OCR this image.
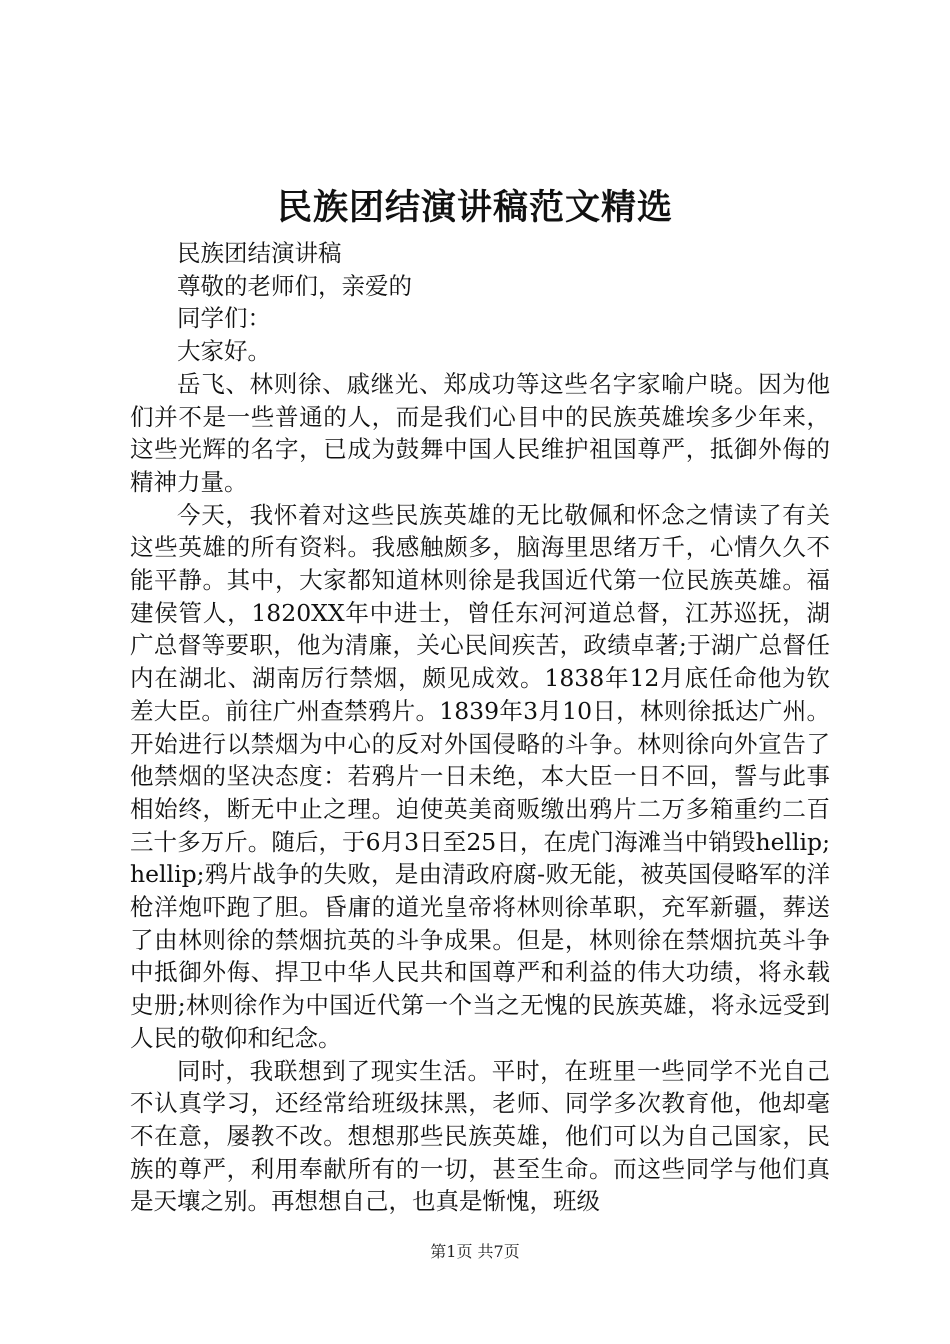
民族团结演讲稿范文精选

民族团结演讲稿

尊敬的老师们，亲爱的

同学们：

大家好。

岳飞、林则徐、戚继光、郑成功等这些名字家喻户晓。因为他们并不是一些普通的人，而是我们心目中的民族英雄埃多少年来，这些光辉的名字，已成为鼓舞中国人民维护祖国尊严，抵御外侮的精神力量。

今天，我怀着对这些民族英雄的无比敬佩和怀念之情读了有关这些英雄的所有资料。我感触颇多，脑海里思绪万千，心情久久不能平静。其中，大家都知道林则徐是我国近代第一位民族英雄。福建侯管人，1820XX年中进士，曾任东河河道总督，江苏巡抚，湖广总督等要职，他为清廉，关心民间疾苦，政绩卓著;于湖广总督任内在湖北、湖南厉行禁烟，颇见成效。1838年12月底任命他为钦差大臣。前往广州查禁鸦片。1839年3月10日，林则徐抵达广州。开始进行以禁烟为中心的反对外国侵略的斗争。林则徐向外宣告了他禁烟的坚决态度：若鸦片一日未绝，本大臣一日不回，誓与此事相始终，断无中止之理。迫使英美商贩缴出鸦片二万多箱重约二百三十多万斤。随后，于6月3日至25日，在虎门海滩当中销毁hellip;hellip;鸦片战争的失败，是由清政府腐-败无能，被英国侵略军的洋枪洋炮吓跑了胆。昏庸的道光皇帝将林则徐革职，充军新疆，葬送了由林则徐的禁烟抗英的斗争成果。但是，林则徐在禁烟抗英斗争中抵御外侮、捍卫中华人民共和国尊严和利益的伟大功绩，将永载史册;林则徐作为中国近代第一个当之无愧的民族英雄，将永远受到人民的敬仰和纪念。

同时，我联想到了现实生活。平时，在班里一些同学不光自己不认真学习，还经常给班级抹黑，老师、同学多次教育他，他却毫不在意，屡教不改。想想那些民族英雄，他们可以为自己国家，民族的尊严，利用奉献所有的一切，甚至生命。而这些同学与他们真是天壤之别。再想想自己，也真是惭愧，班级

第1页 共7页
